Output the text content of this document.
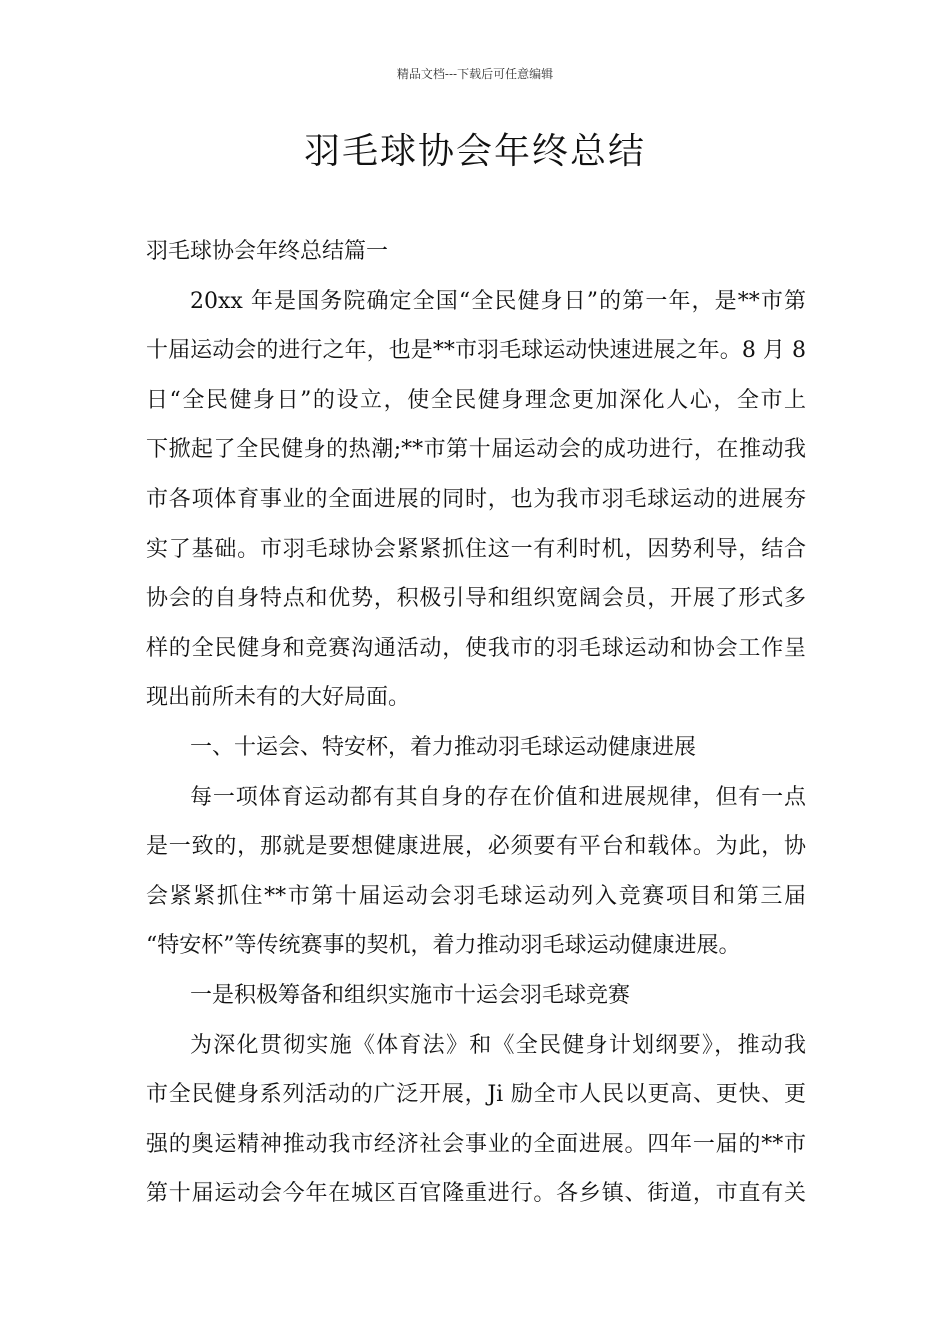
精品文档---下载后可任意编辑
羽毛球协会年终总结
羽毛球协会年终总结篇一
20xx 年是国务院确定全国“全民健身日”的第一年，是**市第
十届运动会的进行之年，也是**市羽毛球运动快速进展之年。8 月 8
日“全民健身日”的设立，使全民健身理念更加深化人心，全市上
下掀起了全民健身的热潮;**市第十届运动会的成功进行，在推动我
市各项体育事业的全面进展的同时，也为我市羽毛球运动的进展夯
实了基础。市羽毛球协会紧紧抓住这一有利时机，因势利导，结合
协会的自身特点和优势，积极引导和组织宽阔会员，开展了形式多
样的全民健身和竞赛沟通活动，使我市的羽毛球运动和协会工作呈
现出前所未有的大好局面。
一、十运会、特安杯，着力推动羽毛球运动健康进展
每一项体育运动都有其自身的存在价值和进展规律，但有一点
是一致的，那就是要想健康进展，必须要有平台和载体。为此，协
会紧紧抓住**市第十届运动会羽毛球运动列入竞赛项目和第三届
“特安杯”等传统赛事的契机，着力推动羽毛球运动健康进展。
一是积极筹备和组织实施市十运会羽毛球竞赛
为深化贯彻实施《体育法》和《全民健身计划纲要》，推动我
市全民健身系列活动的广泛开展，Ji 励全市人民以更高、更快、更
强的奥运精神推动我市经济社会事业的全面进展。四年一届的**市
第十届运动会今年在城区百官隆重进行。各乡镇、街道，市直有关
